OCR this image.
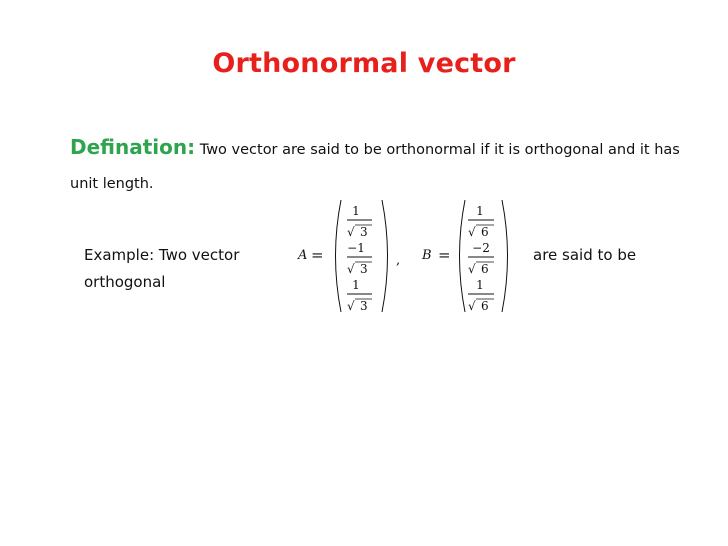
Orthonormal vector
Defination: Two vector are said to be orthonormal if it is orthogonal and it has unit length.
Example: Two vector	are said to be
orthogonal
A =
1
√ 3
−1
√ 3
1
√ 3
, B =
1
√ 6
−2
√ 6
1
√ 6
